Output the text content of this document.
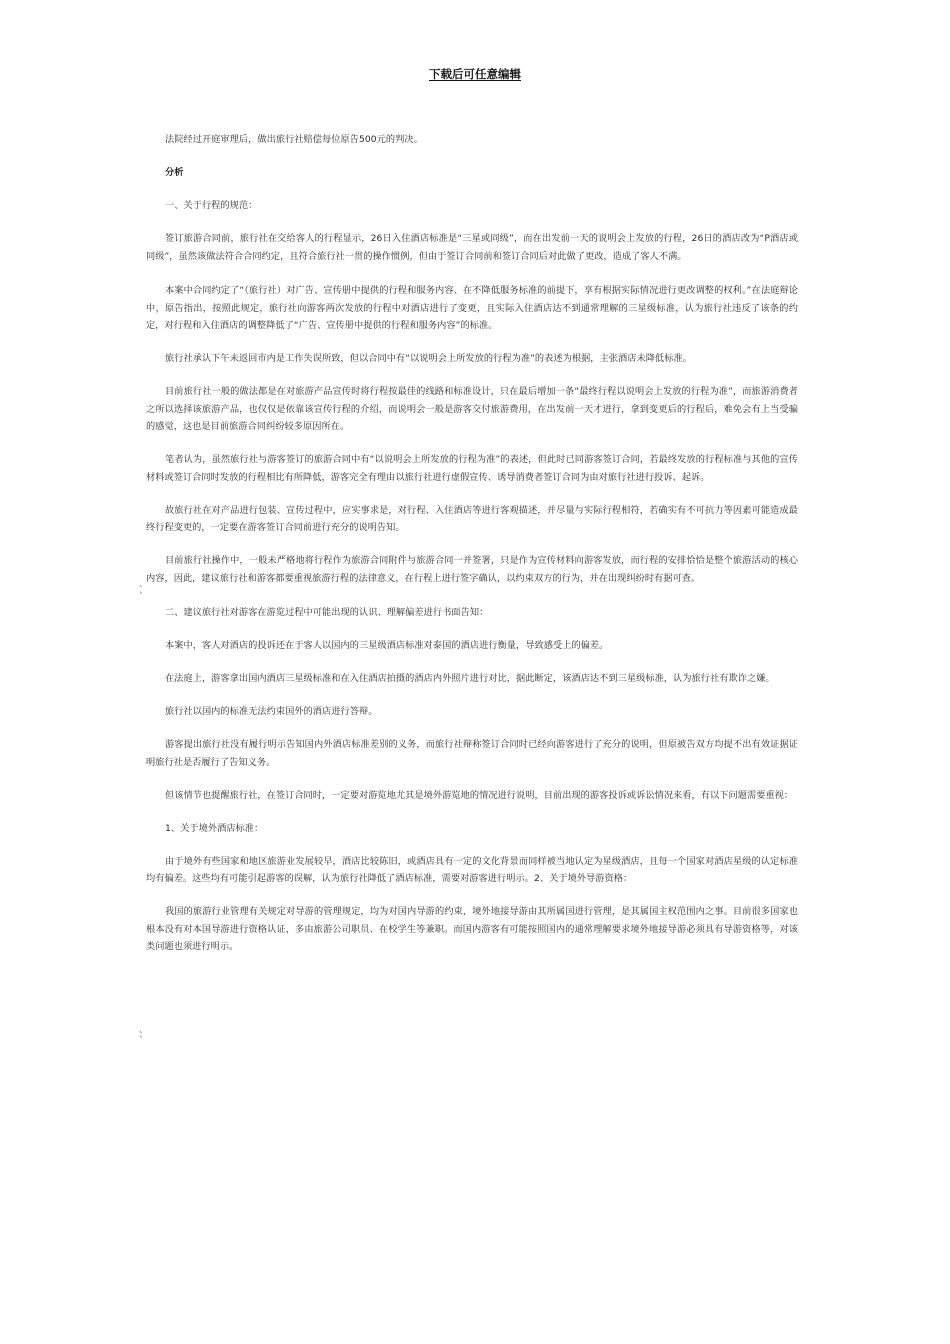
下载后可任意编辑

法院经过开庭审理后，做出旅行社赔偿每位原告500元的判决。

分析

一、关于行程的规范：

签订旅游合同前，旅行社在交给客人的行程显示，26日入住酒店标准是“三星或同级”，而在出发前一天的说明会上发放的行程，26日的酒店改为“P酒店或同级”，虽然该做法符合合同约定，且符合旅行社一贯的操作惯例，但由于签订合同前和签订合同后对此做了更改，造成了客人不满。

本案中合同约定了“（旅行社）对广告、宣传册中提供的行程和服务内容、在不降低服务标准的前提下，享有根据实际情况进行更改调整的权利。”在法庭辩论中，原告指出，按照此规定，旅行社向游客两次发放的行程中对酒店进行了变更，且实际入住酒店达不到通常理解的三星级标准，认为旅行社违反了该条的约定，对行程和入住酒店的调整降低了“广告、宣传册中提供的行程和服务内容”的标准。

旅行社承认下午未返回市内是工作失误所致，但以合同中有“以说明会上所发放的行程为准”的表述为根据，主张酒店未降低标准。

目前旅行社一般的做法都是在对旅游产品宣传时将行程按最佳的线路和标准设计，只在最后增加一条“最终行程以说明会上发放的行程为准”，而旅游消费者之所以选择该旅游产品，也仅仅是依靠该宣传行程的介绍，而说明会一般是游客交付旅游费用，在出发前一天才进行，拿到变更后的行程后，难免会有上当受骗的感觉，这也是目前旅游合同纠纷较多原因所在。

笔者认为，虽然旅行社与游客签订的旅游合同中有“以说明会上所发放的行程为准”的表述，但此时已同游客签订合同，若最终发放的行程标准与其他的宣传材料或签订合同时发放的行程相比有所降低，游客完全有理由以旅行社进行虚假宣传、诱导消费者签订合同为由对旅行社进行投诉、起诉。

故旅行社在对产品进行包装、宣传过程中，应实事求是，对行程、入住酒店等进行客观描述，并尽量与实际行程相符，若确实有不可抗力等因素可能造成最终行程变更的，一定要在游客签订合同前进行充分的说明告知。

目前旅行社操作中，一般未严格地将行程作为旅游合同附件与旅游合同一并签署，只是作为宣传材料向游客发放，而行程的安排恰恰是整个旅游活动的核心内容，因此，建议旅行社和游客都要重视旅游行程的法律意义，在行程上进行签字确认，以约束双方的行为，并在出现纠纷时有据可查。

二、建议旅行社对游客在游览过程中可能出现的认识、理解偏差进行书面告知：

本案中，客人对酒店的投诉还在于客人以国内的三星级酒店标准对泰国的酒店进行衡量，导致感受上的偏差。

在法庭上，游客拿出国内酒店三星级标准和在入住酒店拍摄的酒店内外照片进行对比，据此断定，该酒店达不到三星级标准，认为旅行社有欺诈之嫌。

旅行社以国内的标准无法约束国外的酒店进行答辩。

游客提出旅行社没有履行明示告知国内外酒店标准差别的义务，而旅行社辩称签订合同时已经向游客进行了充分的说明，但原被告双方均提不出有效证据证明旅行社是否履行了告知义务。

但该情节也提醒旅行社，在签订合同时，一定要对游览地尤其是境外游览地的情况进行说明，目前出现的游客投诉或诉讼情况来看，有以下问题需要重视：

1、关于境外酒店标准：

由于境外有些国家和地区旅游业发展较早，酒店比较陈旧，或酒店具有一定的文化背景而同样被当地认定为星级酒店，且每一个国家对酒店星级的认定标准均有偏差。这些均有可能引起游客的误解，认为旅行社降低了酒店标准，需要对游客进行明示。2、关于境外导游资格：

我国的旅游行业管理有关规定对导游的管理规定，均为对国内导游的约束，境外地接导游由其所属国进行管理，是其属国主权范围内之事。目前很多国家也根本没有对本国导游进行资格认证，多由旅游公司职员、在校学生等兼职。而国内游客有可能按照国内的通常理解要求境外地接导游必须具有导游资格等，对该类问题也须进行明示。

ˎ
ˋ
ˎ
ˋ
